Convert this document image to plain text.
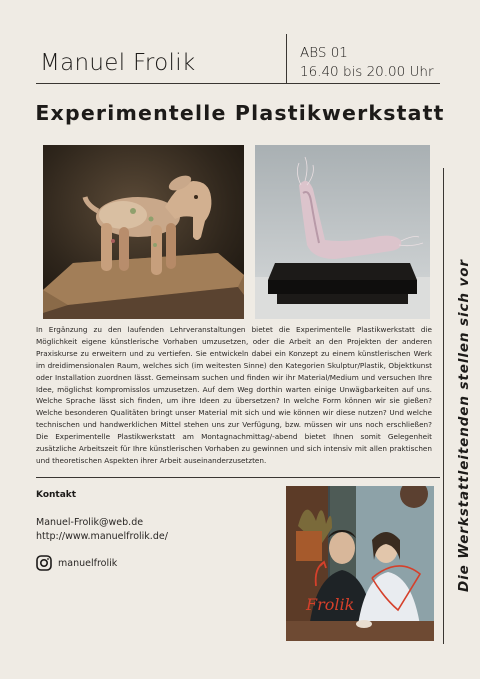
Manuel Frolik	ABS 01
16.40 bis 20.00 Uhr
Experimentelle Plastikwerkstatt

In Ergänzung zu den laufenden Lehrveranstaltungen bietet die Experimentelle Plastikwerkstatt die Möglichkeit eigene künstlerische Vorhaben umzusetzen, oder die Arbeit an den Projekten der anderen Praxiskurse zu erweitern und zu vertiefen. Sie entwickeln dabei ein Konzept zu einem künstlerischen Werk im dreidimensionalen Raum, welches sich (im weitesten Sinne) den Kategorien Skulptur/Plastik, Objektkunst oder Installation zuordnen lässt. Gemeinsam suchen und finden wir ihr Material/Medium und versuchen Ihre Idee, möglichst kompromisslos umzusetzen. Auf dem Weg dorthin warten einige Unwägbarkeiten auf uns. Welche Sprache lässt sich finden, um ihre Ideen zu übersetzen? In welche Form können wir sie gießen? Welche besonderen Qualitäten bringt unser Material mit sich und wie können wir diese nutzen? Und welche technischen und handwerklichen Mittel stehen uns zur Verfügung, bzw. müssen wir uns noch erschließen? Die Experimentelle Plastikwerkstatt am Montagnachmittag/-abend bietet Ihnen somit Gelegenheit zusätzliche Arbeitszeit für Ihre künstlerischen Vorhaben zu gewinnen und sich intensiv mit allen praktischen und theoretischen Aspekten ihrer Arbeit auseinanderzusetzten.

Kontakt
Manuel-Frolik@web.de
http://www.manuelfrolik.de/
manuelfrolik
Frolik
Die Werkstattleitenden stellen sich vor
